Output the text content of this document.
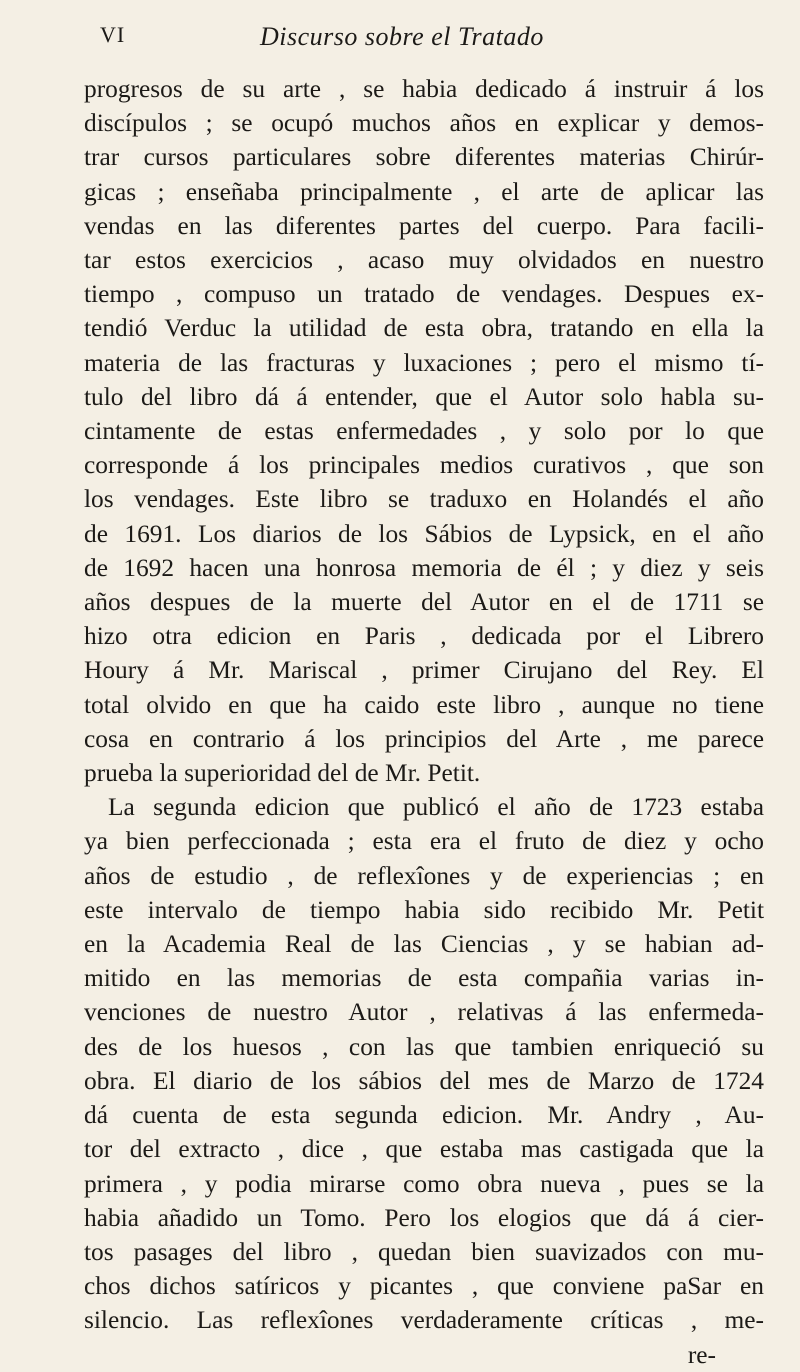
VI	Discurso sobre el Tratado
progresos de su arte , se habia dedicado á instruir á los
discípulos ; se ocupó muchos años en explicar y demos-
trar cursos particulares sobre diferentes materias Chirúr-
gicas ; enseñaba principalmente , el arte de aplicar las
vendas en las diferentes partes del cuerpo. Para facili-
tar estos exercicios , acaso muy olvidados en nuestro
tiempo , compuso un tratado de vendages. Despues ex-
tendió Verduc la utilidad de esta obra, tratando en ella la
materia de las fracturas y luxaciones ; pero el mismo tí-
tulo del libro dá á entender, que el Autor solo habla su-
cintamente de estas enfermedades , y solo por lo que
corresponde á los principales medios curativos , que son
los vendages. Este libro se traduxo en Holandés el año
de 1691. Los diarios de los Sábios de Lypsick, en el año
de 1692 hacen una honrosa memoria de él ; y diez y seis
años despues de la muerte del Autor en el de 1711 se
hizo otra edicion en Paris , dedicada por el Librero
Houry á Mr. Mariscal , primer Cirujano del Rey. El
total olvido en que ha caido este libro , aunque no tiene
cosa en contrario á los principios del Arte , me parece
prueba la superioridad del de Mr. Petit.
La segunda edicion que publicó el año de 1723 estaba
ya bien perfeccionada ; esta era el fruto de diez y ocho
años de estudio , de reflexîones y de experiencias ; en
este intervalo de tiempo habia sido recibido Mr. Petit
en la Academia Real de las Ciencias , y se habian ad-
mitido en las memorias de esta compañia varias in-
venciones de nuestro Autor , relativas á las enfermeda-
des de los huesos , con las que tambien enriqueció su
obra. El diario de los sábios del mes de Marzo de 1724
dá cuenta de esta segunda edicion. Mr. Andry , Au-
tor del extracto , dice , que estaba mas castigada que la
primera , y podia mirarse como obra nueva , pues se la
habia añadido un Tomo. Pero los elogios que dá á cier-
tos pasages del libro , quedan bien suavizados con mu-
chos dichos satíricos y picantes , que conviene paSar en
silencio. Las reflexîones verdaderamente críticas , me-
re-
